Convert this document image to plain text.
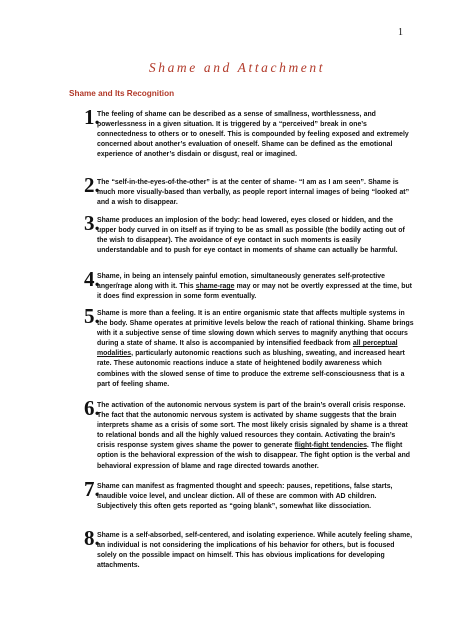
1
Shame and Attachment
Shame and Its Recognition
1.
The feeling of shame can be described as a sense of smallness, worthlessness, and powerlessness in a given situation. It is triggered by a “perceived” break in one’s connectedness to others or to oneself. This is compounded by feeling exposed and extremely concerned about another’s evaluation of oneself. Shame can be defined as the emotional experience of another’s disdain or disgust, real or imagined.
2.
The “self-in-the-eyes-of-the-other” is at the center of shame- “I am as I am seen”. Shame is much more visually-based than verbally, as people report internal images of being “looked at” and a wish to disappear.
3.
Shame produces an implosion of the body: head lowered, eyes closed or hidden, and the upper body curved in on itself as if trying to be as small as possible (the bodily acting out of the wish to disappear). The avoidance of eye contact in such moments is easily understandable and to push for eye contact in moments of shame can actually be harmful.
4.
Shame, in being an intensely painful emotion, simultaneously generates self-protective anger/rage along with it. This shame-rage may or may not be overtly expressed at the time, but it does find expression in some form eventually.
5.
Shame is more than a feeling. It is an entire organismic state that affects multiple systems in the body. Shame operates at primitive levels below the reach of rational thinking. Shame brings with it a subjective sense of time slowing down which serves to magnify anything that occurs during a state of shame. It also is accompanied by intensified feedback from all perceptual modalities, particularly autonomic reactions such as blushing, sweating, and increased heart rate. These autonomic reactions induce a state of heightened bodily awareness which combines with the slowed sense of time to produce the extreme self-consciousness that is a part of feeling shame.
6.
The activation of the autonomic nervous system is part of the brain’s overall crisis response. The fact that the autonomic nervous system is activated by shame suggests that the brain interprets shame as a crisis of some sort. The most likely crisis signaled by shame is a threat to relational bonds and all the highly valued resources they contain. Activating the brain’s crisis response system gives shame the power to generate flight-fight tendencies. The flight option is the behavioral expression of the wish to disappear. The fight option is the verbal and behavioral expression of blame and rage directed towards another.
7.
Shame can manifest as fragmented thought and speech: pauses, repetitions, false starts, inaudible voice level, and unclear diction. All of these are common with AD children. Subjectively this often gets reported as “going blank”, somewhat like dissociation.
8.
Shame is a self-absorbed, self-centered, and isolating experience. While acutely feeling shame, an individual is not considering the implications of his behavior for others, but is focused solely on the possible impact on himself. This has obvious implications for developing attachments.
